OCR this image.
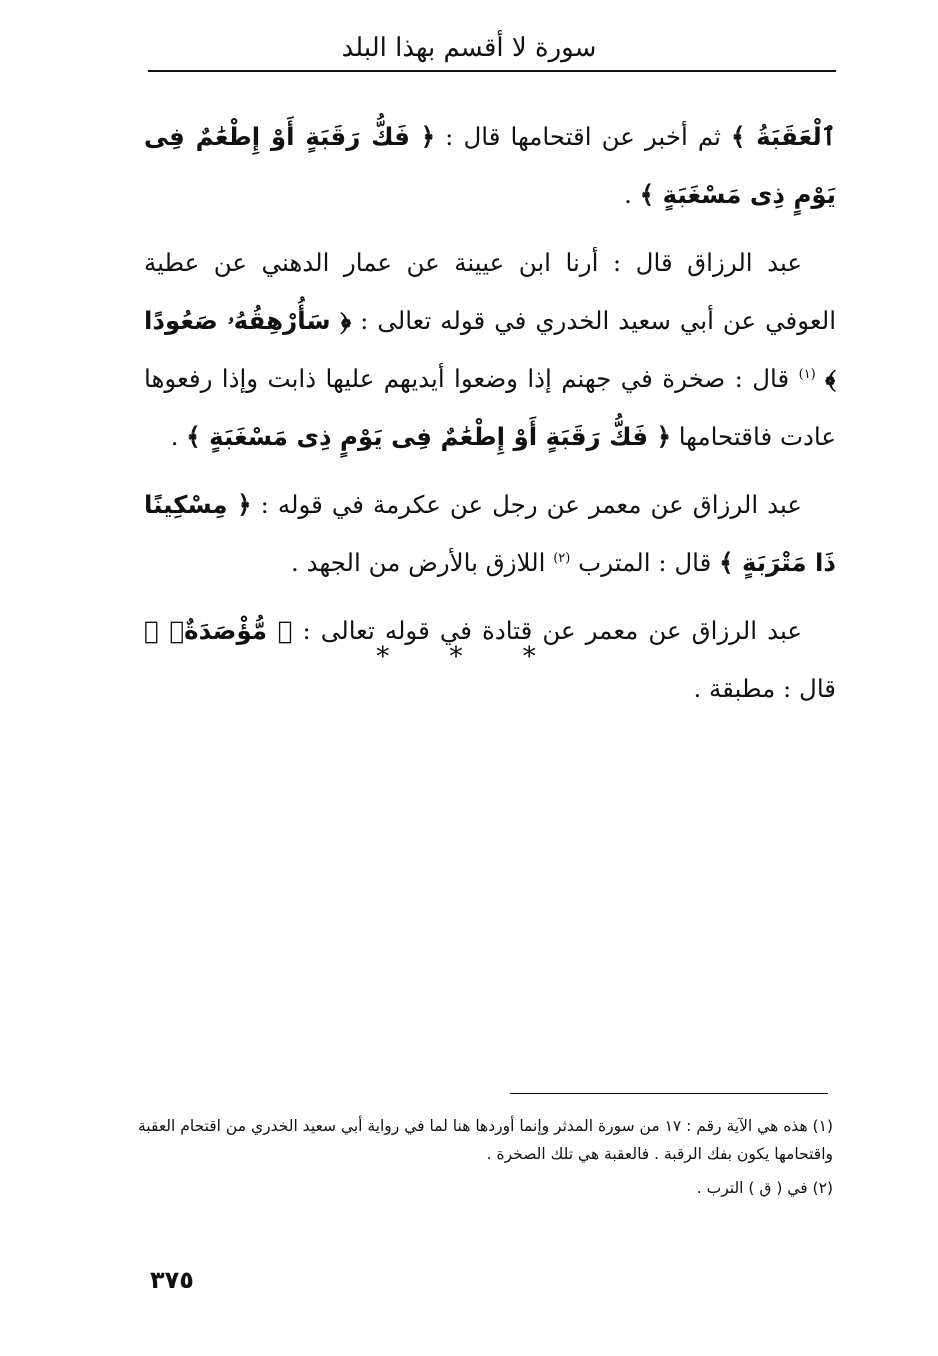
سورة لا أقسم بهذا البلد

ٱلْعَقَبَةُ ﴾ ثم أخبر عن اقتحامها قال : ﴿ فَكُّ رَقَبَةٍ أَوْ إِطْعَٰمٌ فِى يَوْمٍ ذِى مَسْغَبَةٍ ﴾ .

عبد الرزاق قال : أرنا ابن عيينة عن عمار الدهني عن عطية العوفي عن أبي سعيد الخدري في قوله تعالى : ﴿ سَأُرْهِقُهُۥ صَعُودًا ﴾ $^{(١)}$ قال : صخرة في جهنم إذا وضعوا أيديهم عليها ذابت وإذا رفعوها عادت فاقتحامها ﴿ فَكُّ رَقَبَةٍ أَوْ إِطْعَٰمٌ فِى يَوْمٍ ذِى مَسْغَبَةٍ ﴾ .

عبد الرزاق عن معمر عن رجل عن عكرمة في قوله : ﴿ مِسْكِينًا ذَا مَتْرَبَةٍ ﴾ قال : المترب $^{(٢)}$ اللازق بالأرض من الجهد .

عبد الرزاق عن معمر عن قتادة في قوله تعالى : ﴿ مُّؤْصَدَةٌۢ ﴾ قال : مطبقة .

* * *

(١) هذه هي الآية رقم : ١٧ من سورة المدثر وإنما أوردها هنا لما في رواية أبي سعيد الخدري من اقتحام العقبة واقتحامها يكون بفك الرقبة . فالعقبة هي تلك الصخرة .

(٢) في ( ق ) الترب .

٣٧٥
